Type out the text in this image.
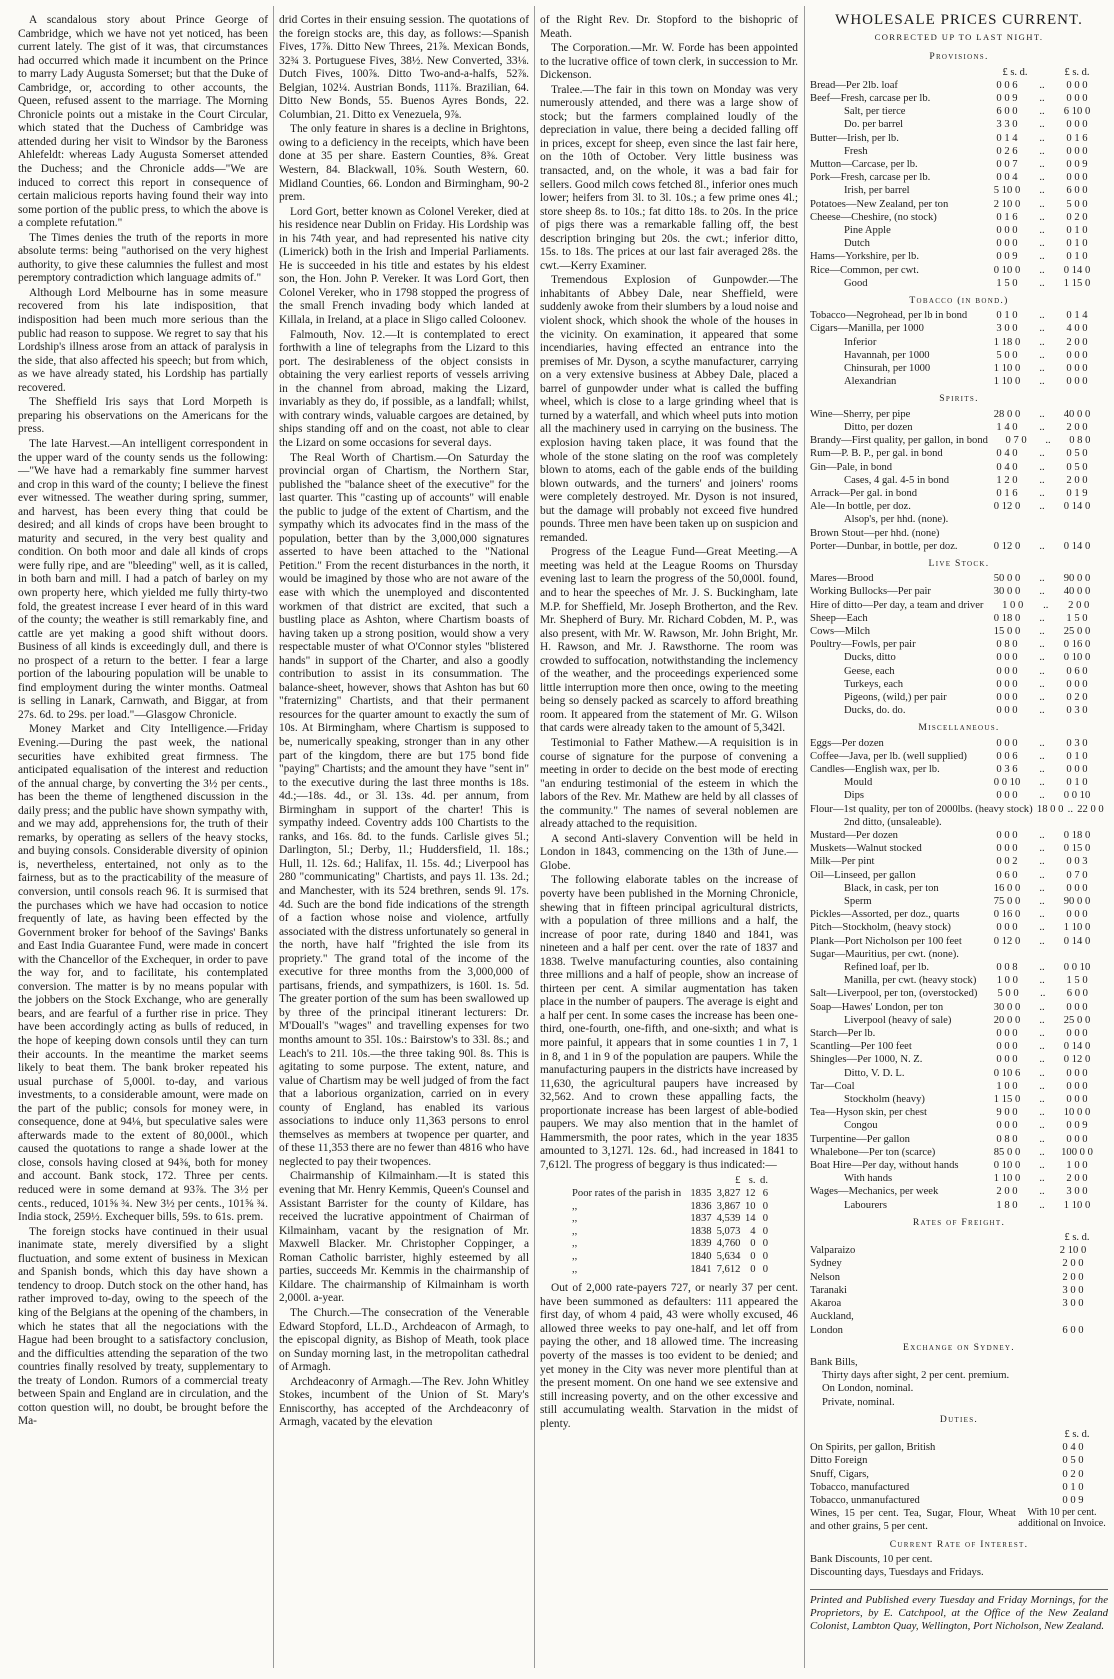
A scandalous story about Prince George of Cambridge, which we have not yet noticed, has been current lately. The gist of it was, that circumstances had occurred which made it incumbent on the Prince to marry Lady Augusta Somerset; but that the Duke of Cambridge, or, according to other accounts, the Queen, refused assent to the marriage. The Morning Chronicle points out a mistake in the Court Circular, which stated that the Duchess of Cambridge was attended during her visit to Windsor by the Baroness Ahlefeldt: whereas Lady Augusta Somerset attended the Duchess; and the Chronicle adds—"We are induced to correct this report in consequence of certain malicious reports having found their way into some portion of the public press, to which the above is a complete refutation."

The Times denies the truth of the reports in more absolute terms: being "authorised on the very highest authority, to give these calumnies the fullest and most peremptory contradiction which language admits of."

Although Lord Melbourne has in some measure recovered from his late indisposition, that indisposition had been much more serious than the public had reason to suppose. We regret to say that his Lordship's illness arose from an attack of paralysis in the side, that also affected his speech; but from which, as we have already stated, his Lordship has partially recovered.

The Sheffield Iris says that Lord Morpeth is preparing his observations on the Americans for the press.

The late Harvest.—An intelligent correspondent in the upper ward of the county sends us the following:—"We have had a remarkably fine summer harvest and crop in this ward of the county; I believe the finest ever witnessed. The weather during spring, summer, and harvest, has been every thing that could be desired; and all kinds of crops have been brought to maturity and secured, in the very best quality and condition. On both moor and dale all kinds of crops were fully ripe, and are "bleeding" well, as it is called, in both barn and mill. I had a patch of barley on my own property here, which yielded me fully thirty-two fold, the greatest increase I ever heard of in this ward of the county; the weather is still remarkably fine, and cattle are yet making a good shift without doors. Business of all kinds is exceedingly dull, and there is no prospect of a return to the better. I fear a large portion of the labouring population will be unable to find employment during the winter months. Oatmeal is selling in Lanark, Carnwath, and Biggar, at from 27s. 6d. to 29s. per load."—Glasgow Chronicle.

Money Market and City Intelligence.—Friday Evening.—During the past week, the national securities have exhibited great firmness. The anticipated equalisation of the interest and reduction of the annual charge, by converting the 3½ per cents., has been the theme of lengthened discussion in the daily press; and the public have shown sympathy with, and we may add, apprehensions for, the truth of their remarks, by operating as sellers of the heavy stocks, and buying consols. Considerable diversity of opinion is, nevertheless, entertained, not only as to the fairness, but as to the practicability of the measure of conversion, until consols reach 96. It is surmised that the purchases which we have had occasion to notice frequently of late, as having been effected by the Government broker for behoof of the Savings' Banks and East India Guarantee Fund, were made in concert with the Chancellor of the Exchequer, in order to pave the way for, and to facilitate, his contemplated conversion. The matter is by no means popular with the jobbers on the Stock Exchange, who are generally bears, and are fearful of a further rise in price. They have been accordingly acting as bulls of reduced, in the hope of keeping down consols until they can turn their accounts. In the meantime the market seems likely to beat them. The bank broker repeated his usual purchase of 5,000l. to-day, and various investments, to a considerable amount, were made on the part of the public; consols for money were, in consequence, done at 94⅛, but speculative sales were afterwards made to the extent of 80,000l., which caused the quotations to range a shade lower at the close, consols having closed at 94⅜, both for money and account. Bank stock, 172. Three per cents. reduced were in some demand at 93⅞. The 3½ per cents., reduced, 101⅝ ¾. New 3½ per cents., 101⅝ ¾. India stock, 259½. Exchequer bills, 59s. to 61s. prem.

The foreign stocks have continued in their usual inanimate state, merely diversified by a slight fluctuation, and some extent of business in Mexican and Spanish bonds, which this day have shown a tendency to droop. Dutch stock on the other hand, has rather improved to-day, owing to the speech of the king of the Belgians at the opening of the chambers, in which he states that all the negociations with the Hague had been brought to a satisfactory conclusion, and the difficulties attending the separation of the two countries finally resolved by treaty, supplementary to the treaty of London. Rumors of a commercial treaty between Spain and England are in circulation, and the cotton question will, no doubt, be brought before the Ma-

drid Cortes in their ensuing session. The quotations of the foreign stocks are, this day, as follows:—Spanish Fives, 17⅞. Ditto New Threes, 21⅞. Mexican Bonds, 32¾ 3. Portuguese Fives, 38½. New Converted, 33⅛. Dutch Fives, 100⅞. Ditto Two-and-a-halfs, 52⅞. Belgian, 102¼. Austrian Bonds, 111⅞. Brazilian, 64. Ditto New Bonds, 55. Buenos Ayres Bonds, 22. Columbian, 21. Ditto ex Venezuela, 9⅞.

The only feature in shares is a decline in Brightons, owing to a deficiency in the receipts, which have been done at 35 per share. Eastern Counties, 8⅜. Great Western, 84. Blackwall, 10⅝. South Western, 60. Midland Counties, 66. London and Birmingham, 90-2 prem.

Lord Gort, better known as Colonel Vereker, died at his residence near Dublin on Friday. His Lordship was in his 74th year, and had represented his native city (Limerick) both in the Irish and Imperial Parliaments. He is succeeded in his title and estates by his eldest son, the Hon. John P. Vereker. It was Lord Gort, then Colonel Vereker, who in 1798 stopped the progress of the small French invading body which landed at Killala, in Ireland, at a place in Sligo called Coloonev.

Falmouth, Nov. 12.—It is contemplated to erect forthwith a line of telegraphs from the Lizard to this port. The desirableness of the object consists in obtaining the very earliest reports of vessels arriving in the channel from abroad, making the Lizard, invariably as they do, if possible, as a landfall; whilst, with contrary winds, valuable cargoes are detained, by ships standing off and on the coast, not able to clear the Lizard on some occasions for several days.

The Real Worth of Chartism.—On Saturday the provincial organ of Chartism, the Northern Star, published the "balance sheet of the executive" for the last quarter. This "casting up of accounts" will enable the public to judge of the extent of Chartism, and the sympathy which its advocates find in the mass of the population, better than by the 3,000,000 signatures asserted to have been attached to the "National Petition." From the recent disturbances in the north, it would be imagined by those who are not aware of the ease with which the unemployed and discontented workmen of that district are excited, that such a bustling place as Ashton, where Chartism boasts of having taken up a strong position, would show a very respectable muster of what O'Connor styles "blistered hands" in support of the Charter, and also a goodly contribution to assist in its consummation. The balance-sheet, however, shows that Ashton has but 60 "fraternizing" Chartists, and that their permanent resources for the quarter amount to exactly the sum of 10s. At Birmingham, where Chartism is supposed to be, numerically speaking, stronger than in any other part of the kingdom, there are but 175 bond fide "paying" Chartists; and the amount they have "sent in" to the executive during the last three months is 18s. 4d.;—18s. 4d., or 3l. 13s. 4d. per annum, from Birmingham in support of the charter! This is sympathy indeed. Coventry adds 100 Chartists to the ranks, and 16s. 8d. to the funds. Carlisle gives 5l.; Darlington, 5l.; Derby, 1l.; Huddersfield, 1l. 18s.; Hull, 1l. 12s. 6d.; Halifax, 1l. 15s. 4d.; Liverpool has 280 "communicating" Chartists, and pays 1l. 13s. 2d.; and Manchester, with its 524 brethren, sends 9l. 17s. 4d. Such are the bond fide indications of the strength of a faction whose noise and violence, artfully associated with the distress unfortunately so general in the north, have half "frighted the isle from its propriety." The grand total of the income of the executive for three months from the 3,000,000 of partisans, friends, and sympathizers, is 160l. 1s. 5d. The greater portion of the sum has been swallowed up by three of the principal itinerant lecturers: Dr. M'Douall's "wages" and travelling expenses for two months amount to 35l. 10s.: Bairstow's to 33l. 8s.; and Leach's to 21l. 10s.—the three taking 90l. 8s. This is agitating to some purpose. The extent, nature, and value of Chartism may be well judged of from the fact that a laborious organization, carried on in every county of England, has enabled its various associations to induce only 11,363 persons to enrol themselves as members at twopence per quarter, and of these 11,353 there are no fewer than 4816 who have neglected to pay their twopences.

Chairmanship of Kilmainham.—It is stated this evening that Mr. Henry Kemmis, Queen's Counsel and Assistant Barrister for the county of Kildare, has received the lucrative appointment of Chairman of Kilmainham, vacant by the resignation of Mr. Maxwell Blacker. Mr. Christopher Coppinger, a Roman Catholic barrister, highly esteemed by all parties, succeeds Mr. Kemmis in the chairmanship of Kildare. The chairmanship of Kilmainham is worth 2,000l. a-year.

The Church.—The consecration of the Venerable Edward Stopford, LL.D., Archdeacon of Armagh, to the episcopal dignity, as Bishop of Meath, took place on Sunday morning last, in the metropolitan cathedral of Armagh.

Archdeaconry of Armagh.—The Rev. John Whitley Stokes, incumbent of the Union of St. Mary's Enniscorthy, has accepted of the Archdeaconry of Armagh, vacated by the elevation

of the Right Rev. Dr. Stopford to the bishopric of Meath.

The Corporation.—Mr. W. Forde has been appointed to the lucrative office of town clerk, in succession to Mr. Dickenson.

Tralee.—The fair in this town on Monday was very numerously attended, and there was a large show of stock; but the farmers complained loudly of the depreciation in value, there being a decided falling off in prices, except for sheep, even since the last fair here, on the 10th of October. Very little business was transacted, and, on the whole, it was a bad fair for sellers. Good milch cows fetched 8l., inferior ones much lower; heifers from 3l. to 3l. 10s.; a few prime ones 4l.; store sheep 8s. to 10s.; fat ditto 18s. to 20s. In the price of pigs there was a remarkable falling off, the best description bringing but 20s. the cwt.; inferior ditto, 15s. to 18s. The prices at our last fair averaged 28s. the cwt.—Kerry Examiner.

Tremendous Explosion of Gunpowder.—The inhabitants of Abbey Dale, near Sheffield, were suddenly awoke from their slumbers by a loud noise and violent shock, which shook the whole of the houses in the vicinity. On examination, it appeared that some incendiaries, having effected an entrance into the premises of Mr. Dyson, a scythe manufacturer, carrying on a very extensive business at Abbey Dale, placed a barrel of gunpowder under what is called the buffing wheel, which is close to a large grinding wheel that is turned by a waterfall, and which wheel puts into motion all the machinery used in carrying on the business. The explosion having taken place, it was found that the whole of the stone slating on the roof was completely blown to atoms, each of the gable ends of the building blown outwards, and the turners' and joiners' rooms were completely destroyed. Mr. Dyson is not insured, but the damage will probably not exceed five hundred pounds. Three men have been taken up on suspicion and remanded.

Progress of the League Fund—Great Meeting.—A meeting was held at the League Rooms on Thursday evening last to learn the progress of the 50,000l. found, and to hear the speeches of Mr. J. S. Buckingham, late M.P. for Sheffield, Mr. Joseph Brotherton, and the Rev. Mr. Shepherd of Bury. Mr. Richard Cobden, M. P., was also present, with Mr. W. Rawson, Mr. John Bright, Mr. H. Rawson, and Mr. J. Rawsthorne. The room was crowded to suffocation, notwithstanding the inclemency of the weather, and the proceedings experienced some little interruption more then once, owing to the meeting being so densely packed as scarcely to afford breathing room. It appeared from the statement of Mr. G. Wilson that cards were already taken to the amount of 5,342l.

Testimonial to Father Mathew.—A requisition is in course of signature for the purpose of convening a meeting in order to decide on the best mode of erecting "an enduring testimonial of the esteem in which the labors of the Rev. Mr. Mathew are held by all classes of the community." The names of several noblemen are already attached to the requisition.

A second Anti-slavery Convention will be held in London in 1843, commencing on the 13th of June.—Globe.

The following elaborate tables on the increase of poverty have been published in the Morning Chronicle, shewing that in fifteen principal agricultural districts, with a population of three millions and a half, the increase of poor rate, during 1840 and 1841, was nineteen and a half per cent. over the rate of 1837 and 1838. Twelve manufacturing counties, also containing three millions and a half of people, show an increase of thirteen per cent. A similar augmentation has taken place in the number of paupers. The average is eight and a half per cent. In some cases the increase has been one-third, one-fourth, one-fifth, and one-sixth; and what is more painful, it appears that in some counties 1 in 7, 1 in 8, and 1 in 9 of the population are paupers. While the manufacturing paupers in the districts have increased by 11,630, the agricultural paupers have increased by 32,562. And to crown these appalling facts, the proportionate increase has been largest of able-bodied paupers. We may also mention that in the hamlet of Hammersmith, the poor rates, which in the year 1835 amounted to 3,127l. 12s. 6d., had increased in 1841 to 7,612l. The progress of beggary is thus indicated:—

		£	s.	d.
Poor rates of the parish in	1835	3,827	12	6
,,	1836	3,867	10	0
,,	1837	4,539	14	0
,,	1838	5,073	4	0
,,	1839	4,760	0	0
,,	1840	5,634	0	0
,,	1841	7,612	0	0

Out of 2,000 rate-payers 727, or nearly 37 per cent. have been summoned as defaulters: 111 appeared the first day, of whom 4 paid, 43 were wholly excused, 46 allowed three weeks to pay one-half, and let off from paying the other, and 18 allowed time. The increasing poverty of the masses is too evident to be denied; and yet money in the City was never more plentiful than at the present moment. On one hand we see extensive and still increasing poverty, and on the other excessive and still accumulating wealth. Starvation in the midst of plenty.

WHOLESALE PRICES CURRENT.
CORRECTED UP TO LAST NIGHT.
Provisions.
£ s. d.	£ s. d.
Bread—Per 2lb. loaf	0 0 6	..	0 0 0
Beef—Fresh, carcase per lb.	0 0 9	..	0 0 0
Salt, per tierce	6 0 0	..	6 10 0
Do. per barrel	3 3 0	..	0 0 0
Butter—Irish, per lb.	0 1 4	..	0 1 6
Fresh	0 2 6	..	0 0 0
Mutton—Carcase, per lb.	0 0 7	..	0 0 9
Pork—Fresh, carcase per lb.	0 0 4	..	0 0 0
Irish, per barrel	5 10 0	..	6 0 0
Potatoes—New Zealand, per ton	2 10 0	..	5 0 0
Cheese—Cheshire, (no stock)	0 1 6	..	0 2 0
Pine Apple	0 0 0	..	0 1 0
Dutch	0 0 0	..	0 1 0
Hams—Yorkshire, per lb.	0 0 9	..	0 1 0
Rice—Common, per cwt.	0 10 0	..	0 14 0
Good	1 5 0	..	1 15 0
Tobacco (in bond.)
Tobacco—Negrohead, per lb in bond	0 1 0	..	0 1 4
Cigars—Manilla, per 1000	3 0 0	..	4 0 0
Inferior	1 18 0	..	2 0 0
Havannah, per 1000	5 0 0	..	0 0 0
Chinsurah, per 1000	1 10 0	..	0 0 0
Alexandrian	1 10 0	..	0 0 0
Spirits.
Wine—Sherry, per pipe	28 0 0	..	40 0 0
Ditto, per dozen	1 4 0	..	2 0 0
Brandy—First quality, per gallon, in bond	0 7 0	..	0 8 0
Rum—P. B. P., per gal. in bond	0 4 0	..	0 5 0
Gin—Pale, in bond	0 4 0	..	0 5 0
Cases, 4 gal. 4-5 in bond	1 2 0	..	2 0 0
Arrack—Per gal. in bond	0 1 6	..	0 1 9
Ale—In bottle, per doz.	0 12 0	..	0 14 0
Alsop's, per hhd. (none).
Brown Stout—per hhd. (none)
Porter—Dunbar, in bottle, per doz.	0 12 0	..	0 14 0
Live Stock.
Mares—Brood	50 0 0	..	90 0 0
Working Bullocks—Per pair	30 0 0	..	40 0 0
Hire of ditto—Per day, a team and driver	1 0 0	..	2 0 0
Sheep—Each	0 18 0	..	1 5 0
Cows—Milch	15 0 0	..	25 0 0
Poultry—Fowls, per pair	0 8 0	..	0 16 0
Ducks, ditto	0 0 0	..	0 10 0
Geese, each	0 0 0	..	0 6 0
Turkeys, each	0 0 0	..	0 0 0
Pigeons, (wild,) per pair	0 0 0	..	0 2 0
Ducks, do. do.	0 0 0	..	0 3 0
Miscellaneous.
Eggs—Per dozen	0 0 0	..	0 3 0
Coffee—Java, per lb. (well supplied)	0 0 6	..	0 1 0
Candles—English wax, per lb.	0 3 6	..	0 0 0
Mould	0 0 10	..	0 1 0
Dips	0 0 0	..	0 0 10
Flour—1st quality, per ton of 2000lbs. (heavy stock) 18 0 0 .. 22 0 0
2nd ditto, (unsaleable).
Mustard—Per dozen	0 0 0	..	0 18 0
Muskets—Walnut stocked	0 0 0	..	0 15 0
Milk—Per pint	0 0 2	..	0 0 3
Oil—Linseed, per gallon	0 6 0	..	0 7 0
Black, in cask, per ton	16 0 0	..	0 0 0
Sperm	75 0 0	..	90 0 0
Pickles—Assorted, per doz., quarts	0 16 0	..	0 0 0
Pitch—Stockholm, (heavy stock)	0 0 0	..	1 10 0
Plank—Port Nicholson per 100 feet	0 12 0	..	0 14 0
Sugar—Mauritius, per cwt. (none).
Refined loaf, per lb.	0 0 8	..	0 0 10
Manilla, per cwt. (heavy stock)	1 0 0	..	1 5 0
Salt—Liverpool, per ton, (overstocked)	5 0 0	..	6 0 0
Soap—Hawes' London, per ton	30 0 0	..	0 0 0
Liverpool (heavy of sale)	20 0 0	..	25 0 0
Starch—Per lb.	0 0 0	..	0 0 0
Scantling—Per 100 feet	0 0 0	..	0 14 0
Shingles—Per 1000, N. Z.	0 0 0	..	0 12 0
Ditto, V. D. L.	0 10 6	..	0 0 0
Tar—Coal	1 0 0	..	0 0 0
Stockholm (heavy)	1 15 0	..	0 0 0
Tea—Hyson skin, per chest	9 0 0	..	10 0 0
Congou	0 0 0	..	0 0 9
Turpentine—Per gallon	0 8 0	..	0 0 0
Whalebone—Per ton (scarce)	85 0 0	..	100 0 0
Boat Hire—Per day, without hands	0 10 0	..	1 0 0
With hands	1 10 0	..	2 0 0
Wages—Mechanics, per week	2 0 0	..	3 0 0
Labourers	1 8 0	..	1 10 0
Rates of Freight.
£ s. d.
Valparaizo	2 10 0
Sydney	2 0 0
Nelson	2 0 0
Taranaki	3 0 0
Akaroa	3 0 0
Auckland,
London	6 0 0
Exchange on Sydney.
Bank Bills,
Thirty days after sight, 2 per cent. premium.
On London, nominal.
Private, nominal.
Duties.
£ s. d.
On Spirits, per gallon, British	0 4 0
Ditto Foreign	0 5 0
Snuff, Cigars,	0 2 0
Tobacco, manufactured	0 1 0
Tobacco, unmanufactured	0 0 9
Wines, 15 per cent. Tea, Sugar, Flour, Wheat and other grains, 5 per cent.
With 10 per cent. additional on Invoice.
Current Rate of Interest.
Bank Discounts, 10 per cent.
Discounting days, Tuesdays and Fridays.
Printed and Published every Tuesday and Friday Mornings, for the Proprietors, by E. Catchpool, at the Office of the New Zealand Colonist, Lambton Quay, Wellington, Port Nicholson, New Zealand.
